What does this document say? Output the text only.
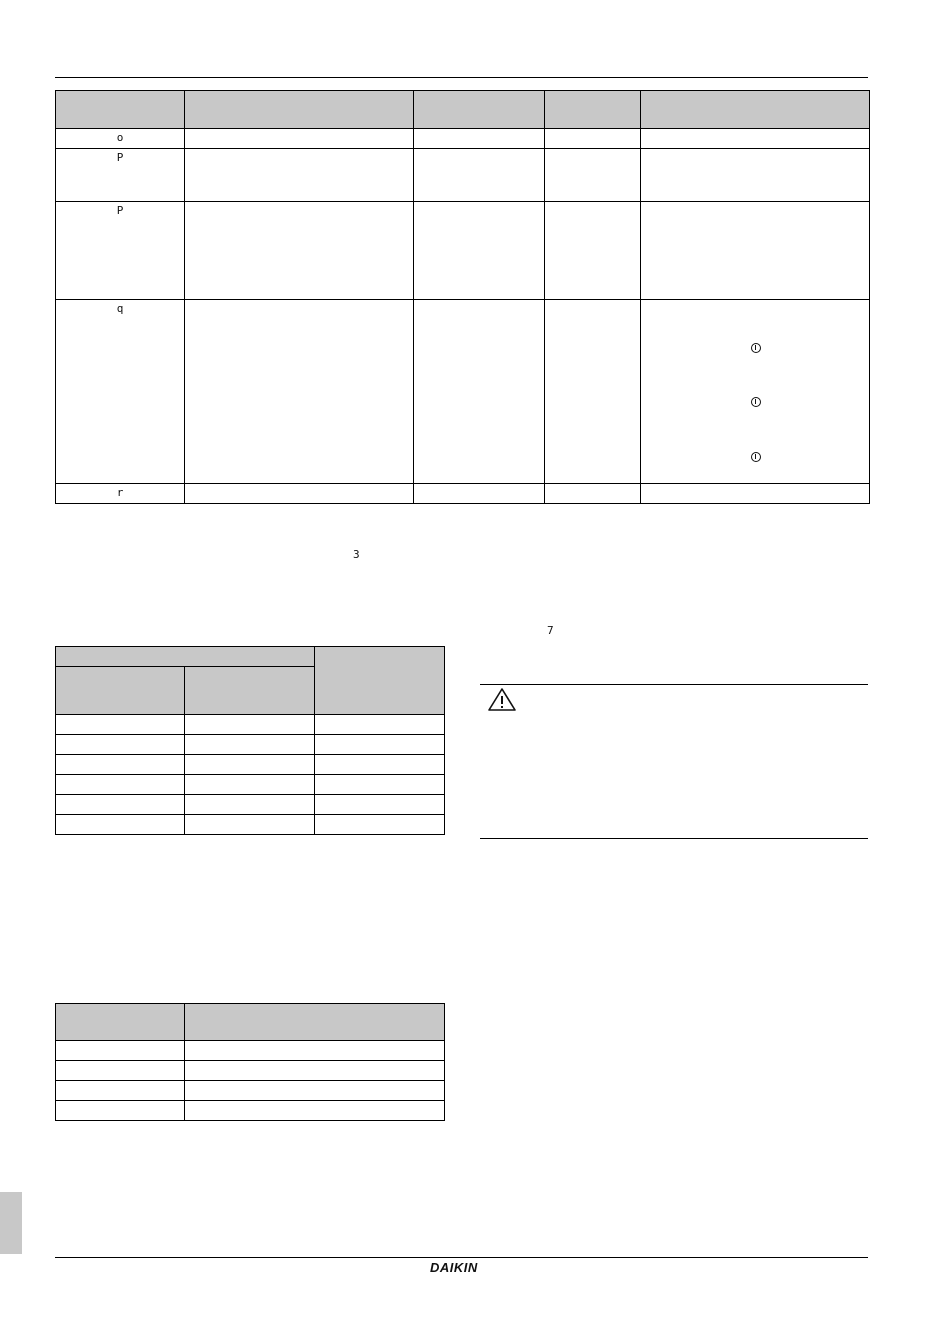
o				
P				
P				
q				
r				
3
7

DAIKIN
